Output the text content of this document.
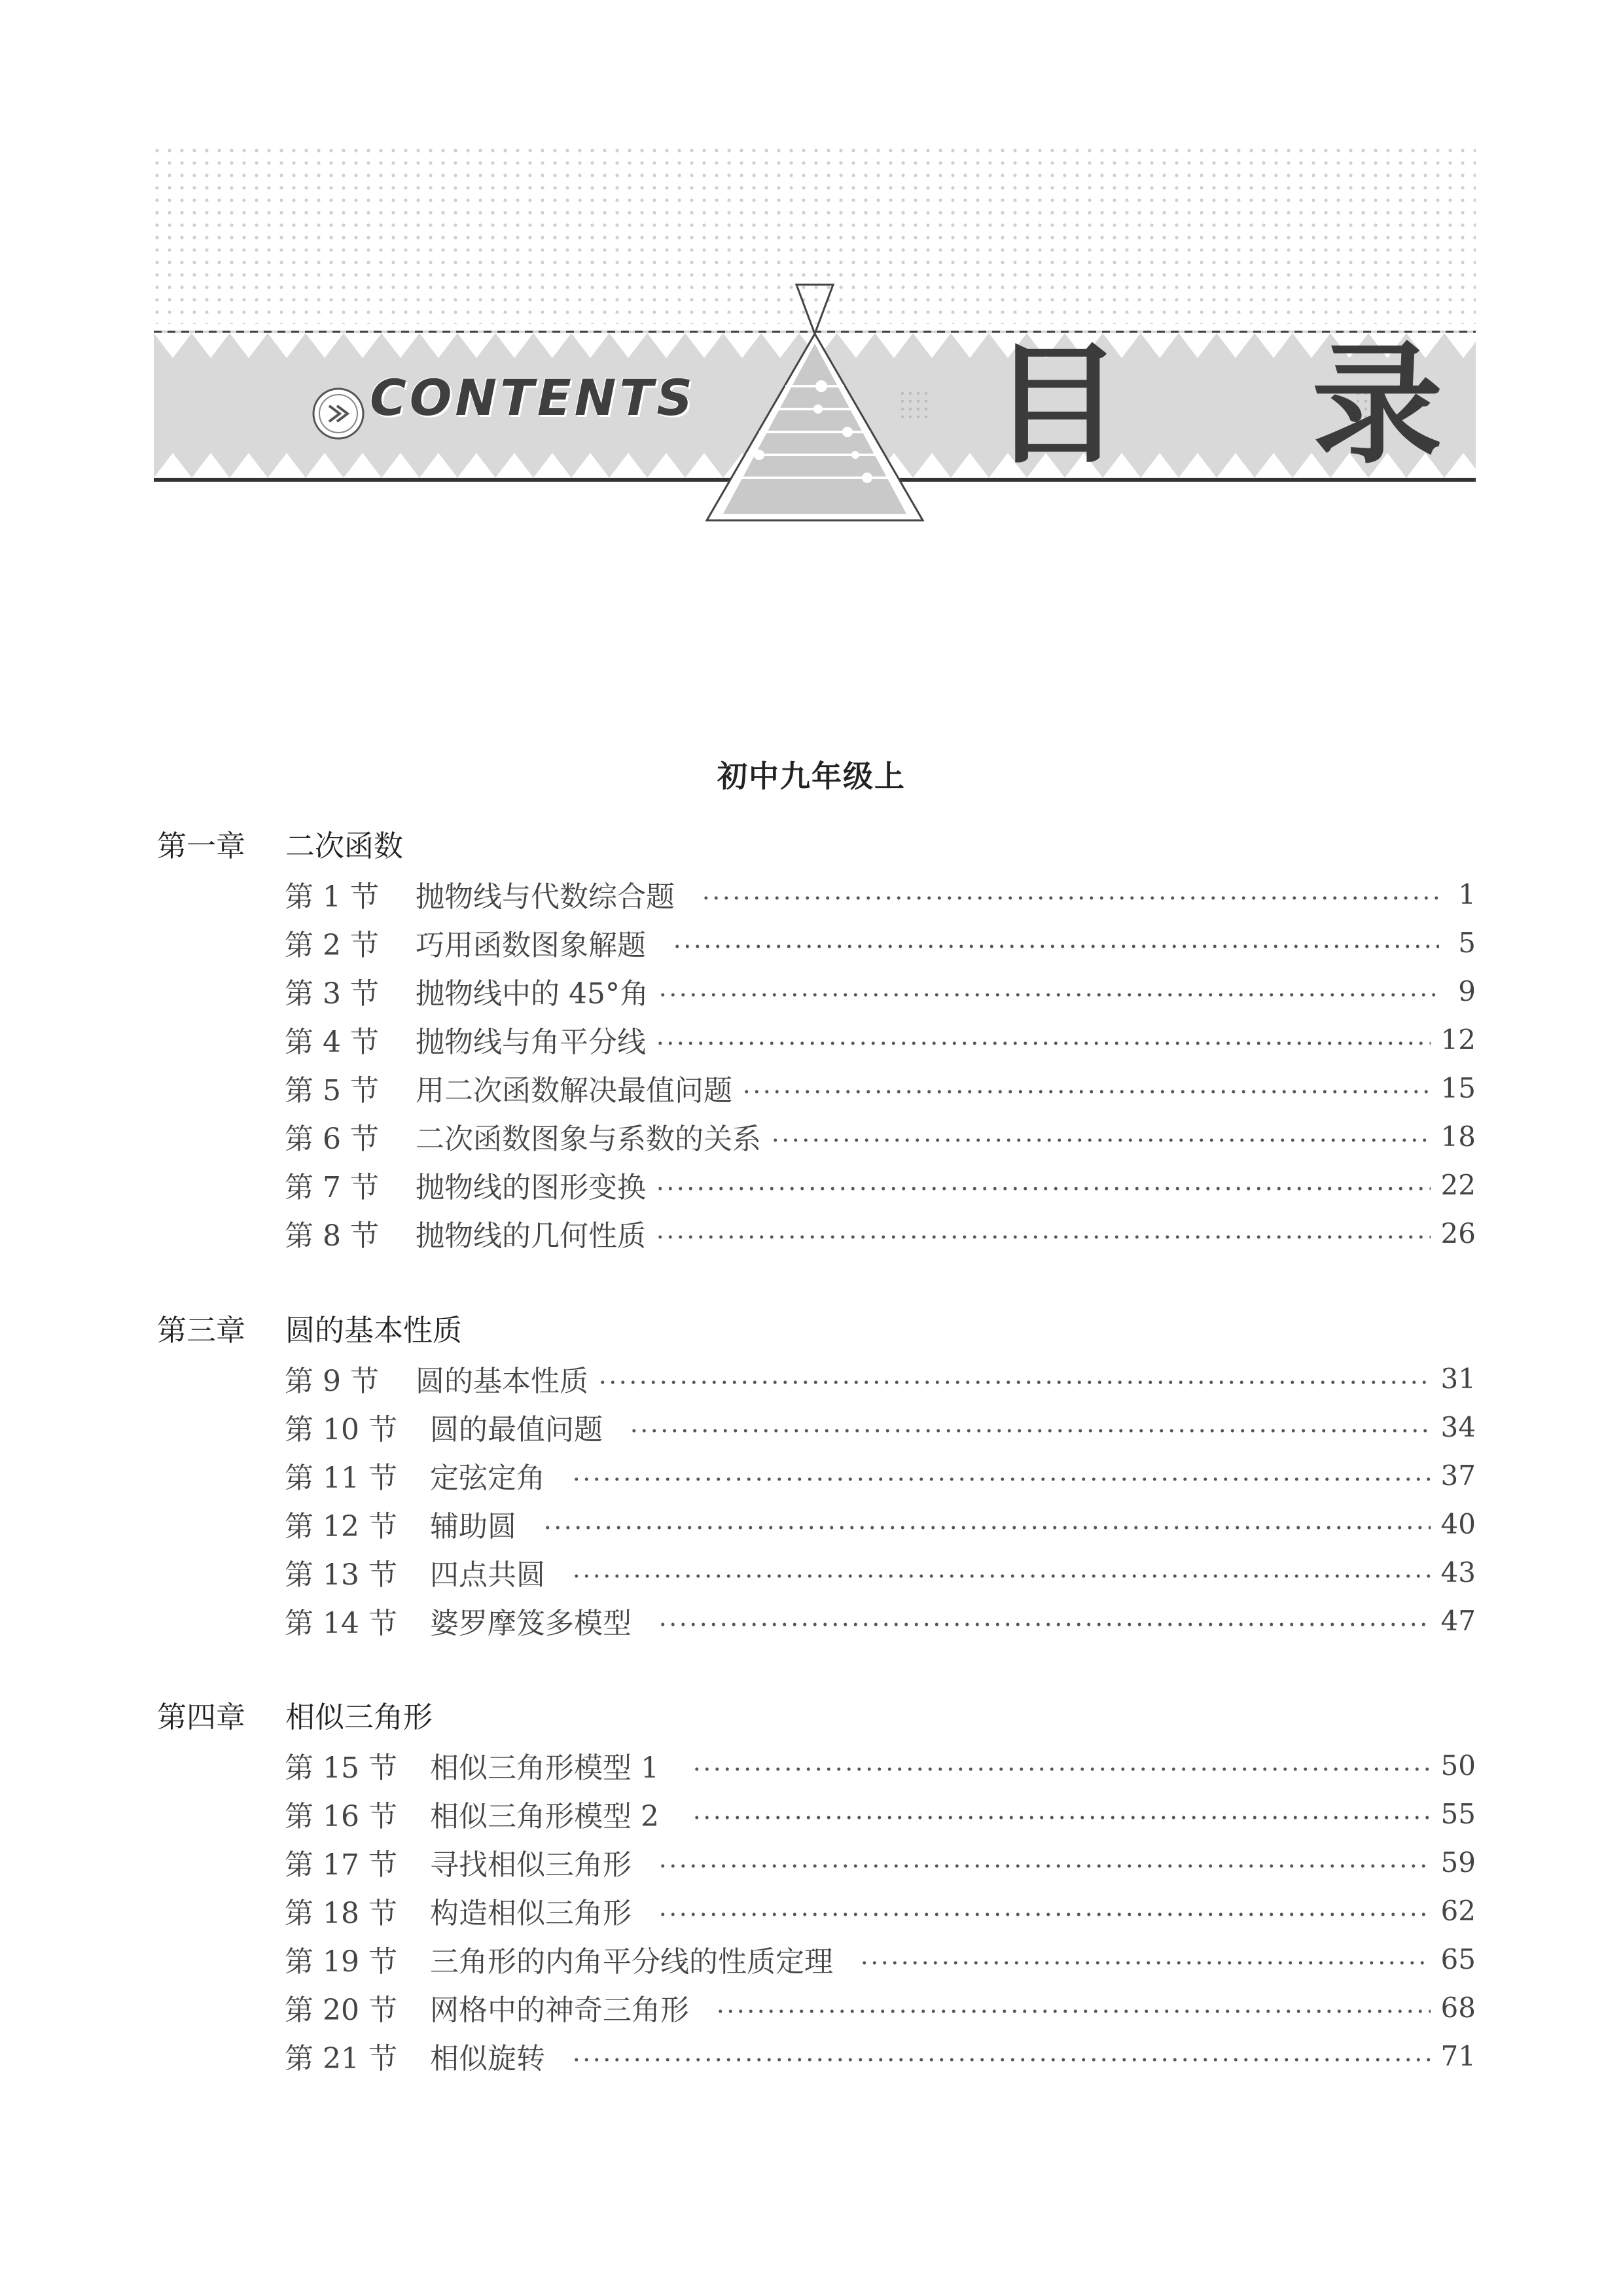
CONTENTS 目 录
初中九年级上
第一章 二次函数
第 1 节	抛物线与代数综合题	1
第 2 节	巧用函数图象解题	5
第 3 节	抛物线中的 45°角	9
第 4 节	抛物线与角平分线	12
第 5 节	用二次函数解决最值问题	15
第 6 节	二次函数图象与系数的关系	18
第 7 节	抛物线的图形变换	22
第 8 节	抛物线的几何性质	26
第三章 圆的基本性质
第 9 节	圆的基本性质	31
第 10 节	圆的最值问题	34
第 11 节	定弦定角	37
第 12 节	辅助圆	40
第 13 节	四点共圆	43
第 14 节	婆罗摩笈多模型	47
第四章 相似三角形
第 15 节	相似三角形模型 1	50
第 16 节	相似三角形模型 2	55
第 17 节	寻找相似三角形	59
第 18 节	构造相似三角形	62
第 19 节	三角形的内角平分线的性质定理	65
第 20 节	网格中的神奇三角形	68
第 21 节	相似旋转	71
